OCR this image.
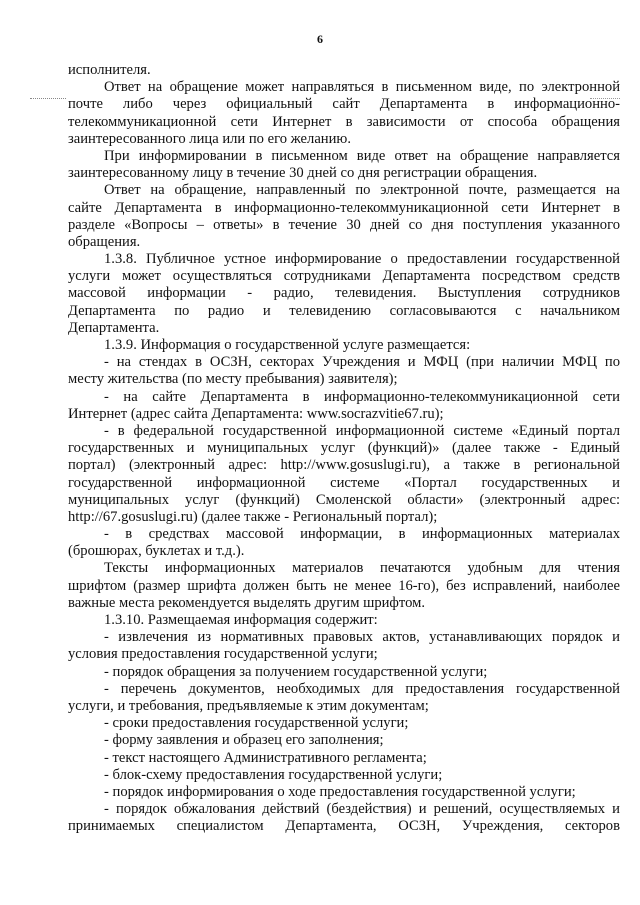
6
исполнителя.
Ответ на обращение может направляться в письменном виде, по электронной
почте либо через официальный сайт Департамента в информационно-
телекоммуникационной сети Интернет в зависимости от способа обращения
заинтересованного лица или по его желанию.
При информировании в письменном виде ответ на обращение направляется
заинтересованному лицу в течение 30 дней со дня регистрации обращения.
Ответ на обращение, направленный по электронной почте, размещается на
сайте Департамента в информационно-телекоммуникационной сети Интернет в
разделе «Вопросы – ответы» в течение 30 дней со дня поступления указанного
обращения.
1.3.8. Публичное устное информирование о предоставлении государственной
услуги может осуществляться сотрудниками Департамента посредством средств
массовой информации - радио, телевидения. Выступления сотрудников
Департамента по радио и телевидению согласовываются с начальником
Департамента.
1.3.9. Информация о государственной услуге размещается:
- на стендах в ОСЗН, секторах Учреждения и МФЦ (при наличии МФЦ по
месту жительства (по месту пребывания) заявителя);
- на сайте Департамента в информационно-телекоммуникационной сети
Интернет (адрес сайта Департамента: www.socrazvitie67.ru);
- в федеральной государственной информационной системе «Единый портал
государственных и муниципальных услуг (функций)» (далее также - Единый
портал) (электронный адрес: http://www.gosuslugi.ru), а также в региональной
государственной информационной системе «Портал государственных и
муниципальных услуг (функций) Смоленской области» (электронный адрес:
http://67.gosuslugi.ru) (далее также - Региональный портал);
- в средствах массовой информации, в информационных материалах
(брошюрах, буклетах и т.д.).
Тексты информационных материалов печатаются удобным для чтения
шрифтом (размер шрифта должен быть не менее 16-го), без исправлений, наиболее
важные места рекомендуется выделять другим шрифтом.
1.3.10. Размещаемая информация содержит:
- извлечения из нормативных правовых актов, устанавливающих порядок и
условия предоставления государственной услуги;
- порядок обращения за получением государственной услуги;
- перечень документов, необходимых для предоставления государственной
услуги, и требования, предъявляемые к этим документам;
- сроки предоставления государственной услуги;
- форму заявления и образец его заполнения;
- текст настоящего Административного регламента;
- блок-схему предоставления государственной услуги;
- порядок информирования о ходе предоставления государственной услуги;
- порядок обжалования действий (бездействия) и решений, осуществляемых и
принимаемых специалистом Департамента, ОСЗН, Учреждения, секторов
